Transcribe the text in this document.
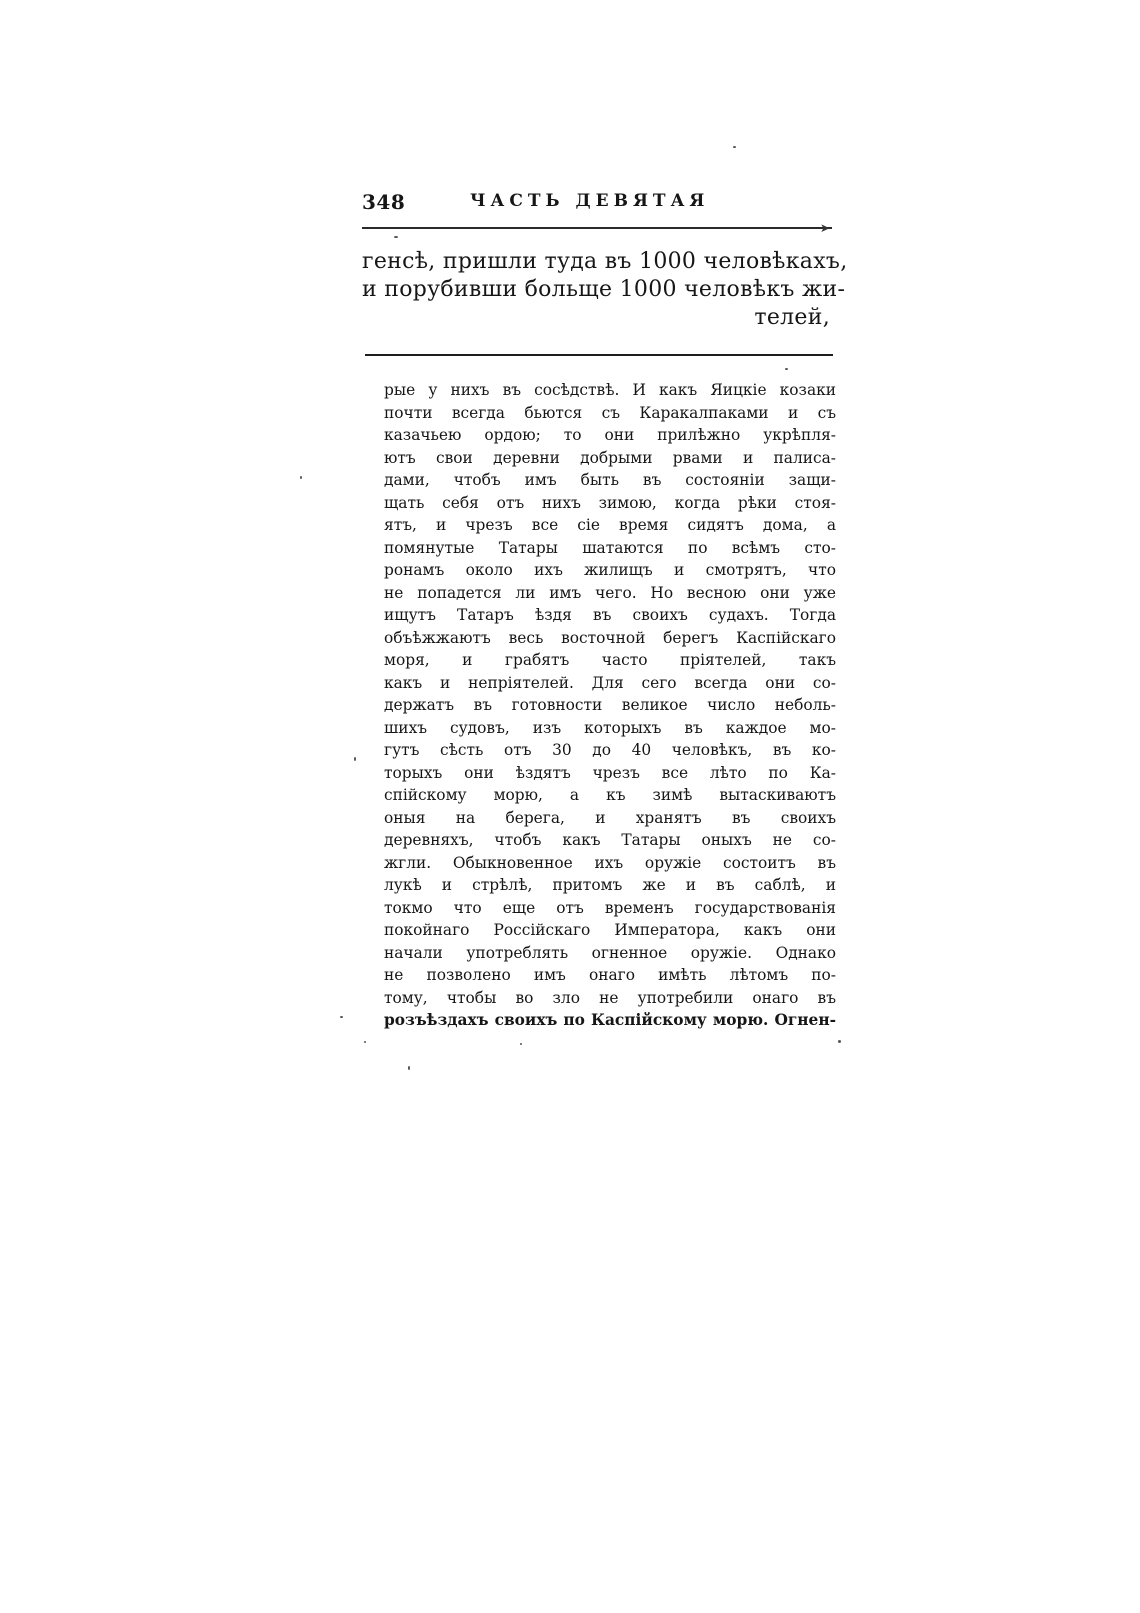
348	ЧАСТЬ ДЕВЯТАЯ
➤
генсѣ, пришли туда въ 1000 человѣкахъ,
и порубивши больще 1000 человѣкъ жи-
телей,
рые у нихъ въ сосѣдствѣ. И какъ Яицкіе козаки
почти всегда бьются съ Каракалпаками и съ
казачьею ордою; то они прилѣжно укрѣпля-
ютъ свои деревни добрыми рвами и палиса-
дами, чтобъ имъ быть въ состояніи защи-
щать себя отъ нихъ зимою, когда рѣки стоя-
ятъ, и чрезъ все сіе время сидятъ дома, а
помянутые Татары шатаются по всѣмъ сто-
ронамъ около ихъ жилищъ и смотрятъ, что
не попадется ли имъ чего. Но весною они уже
ищутъ Татаръ ѣздя въ своихъ судахъ. Тогда
объѣжжаютъ весь восточной берегъ Каспійскаго
моря, и грабятъ часто пріятелей, такъ
какъ и непріятелей. Для сего всегда они со-
держатъ въ готовности великое число неболь-
шихъ судовъ, изъ которыхъ въ каждое мо-
гутъ сѣсть отъ 30 до 40 человѣкъ, въ ко-
торыхъ они ѣздятъ чрезъ все лѣто по Ка-
спійскому морю, а къ зимѣ вытаскиваютъ
оныя на берега, и хранятъ въ своихъ
деревняхъ, чтобъ какъ Татары оныхъ не со-
жгли. Обыкновенное ихъ оружіе состоитъ въ
лукѣ и стрѣлѣ, притомъ же и въ саблѣ, и
токмо что еще отъ временъ государствованія
покойнаго Россійскаго Императора, какъ они
начали употреблять огненное оружіе. Однако
не позволено имъ онаго имѣть лѣтомъ по-
тому, чтобы во зло не употребили онаго въ
розъѣздахъ своихъ по Каспійскому морю. Огнен-
